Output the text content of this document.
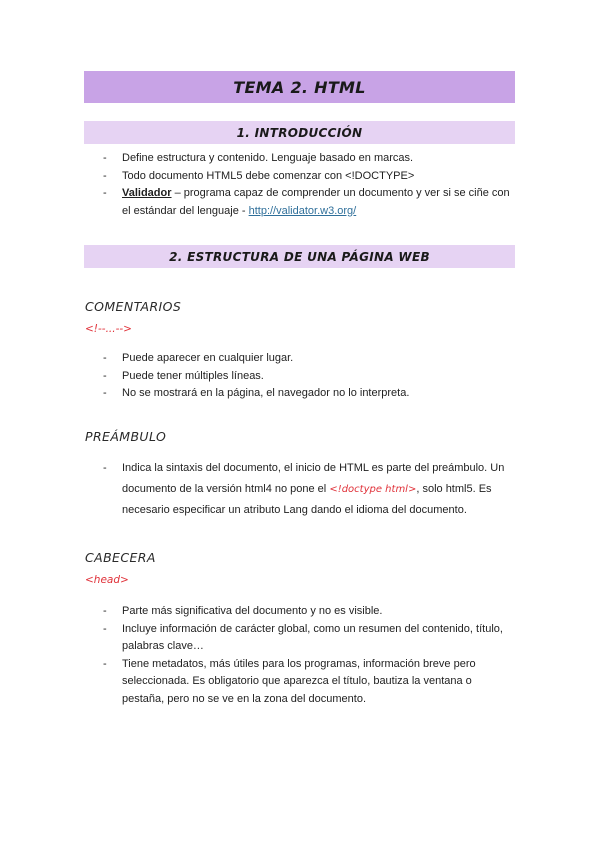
TEMA 2. HTML
1. INTRODUCCIÓN
- Define estructura y contenido. Lenguaje basado en marcas.
- Todo documento HTML5 debe comenzar con <!DOCTYPE>
- Validador – programa capaz de comprender un documento y ver si se ciñe con el estándar del lenguaje - http://validator.w3.org/
2. ESTRUCTURA DE UNA PÁGINA WEB
COMENTARIOS
<!--...-->
- Puede aparecer en cualquier lugar.
- Puede tener múltiples líneas.
- No se mostrará en la página, el navegador no lo interpreta.
PREÁMBULO
- Indica la sintaxis del documento, el inicio de HTML es parte del preámbulo. Un documento de la versión html4 no pone el <!doctype html>, solo html5. Es necesario especificar un atributo Lang dando el idioma del documento.
CABECERA
<head>
- Parte más significativa del documento y no es visible.
- Incluye información de carácter global, como un resumen del contenido, título, palabras clave…
- Tiene metadatos, más útiles para los programas, información breve pero seleccionada. Es obligatorio que aparezca el título, bautiza la ventana o pestaña, pero no se ve en la zona del documento.
